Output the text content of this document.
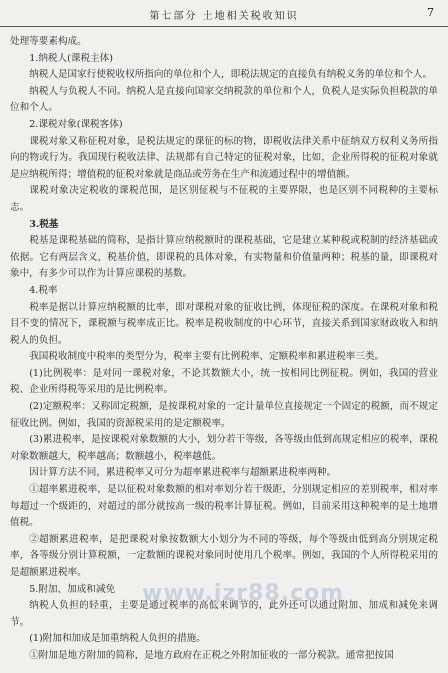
第七部分 土地相关税收知识	7

处理等要素构成。

1.纳税人(课税主体)

纳税人是国家行使税收权所指向的单位和个人，即税法规定的直接负有纳税义务的单位和个人。

纳税人与负税人不同。纳税人是直接向国家交纳税款的单位和个人，负税人是实际负担税款的单位和个人。

2.课税对象(课税客体)

课税对象又称征税对象，是税法规定的课征的标的物，即税收法律关系中征纳双方权利义务所指向的物或行为。我国现行税收法律、法规都有自己特定的征税对象，比如，企业所得税的征税对象就是应纳税所得；增值税的征税对象就是商品或劳务在生产和流通过程中的增值额。

课税对象决定税收的课税范围，是区别征税与不征税的主要界限，也是区别不同税种的主要标志。

3.税基

税基是课税基础的简称，是指计算应纳税额时的课税基础，它是建立某种税或税制的经济基础或依据。它有两层含义，税基价值，即课税的具体对象，有实物量和价值量两种；税基的量，即课税对象中，有多少可以作为计算应课税的基数。

4.税率

税率是据以计算应纳税额的比率，即对课税对象的征收比例，体现征税的深度。在课税对象和税目不变的情况下，课税额与税率成正比。税率是税收制度的中心环节，直接关系到国家财政收入和纳税人的负担。

我国税收制度中税率的类型分为，税率主要有比例税率、定额税率和累进税率三类。

(1)比例税率：是对同一课税对象，不论其数额大小，统一按相同比例征税。例如，我国的营业税、企业所得税等采用的是比例税率。

(2)定额税率：又称固定税额，是按课税对象的一定计量单位直接规定一个固定的税额，而不规定征收比例。例如，我国的资源税采用的是定额税率。

(3)累进税率，是按课税对象数额的大小，划分若干等级，各等级由低到高规定相应的税率，课税对象数额越大，税率越高；数额越小，税率越低。

因计算方法不同，累进税率又可分为超率累进税率与超额累进税率两种。

①超率累进税率，是以征税对象数额的相对率划分若干级距，分别规定相应的差别税率，相对率每超过一个级距的，对超过的部分就按高一级的税率计算征税。例如，目前采用这种税率的是土地增值税。

②超额累进税率，是把课税对象按数额大小划分为不同的等级，每个等级由低到高分别规定税率，各等级分别计算税额，一定数额的课税对象同时使用几个税率。例如，我国的个人所得税采用的是超额累进税率。

5.附加、加成和减免

纳税人负担的轻重，主要是通过税率的高低来调节的，此外还可以通过附加、加成和减免来调节。

(1)附加和加成是加重纳税人负担的措施。

①附加是地方附加的简称，是地方政府在正税之外附加征收的一部分税款。通常把按国

www.jzr88.com
